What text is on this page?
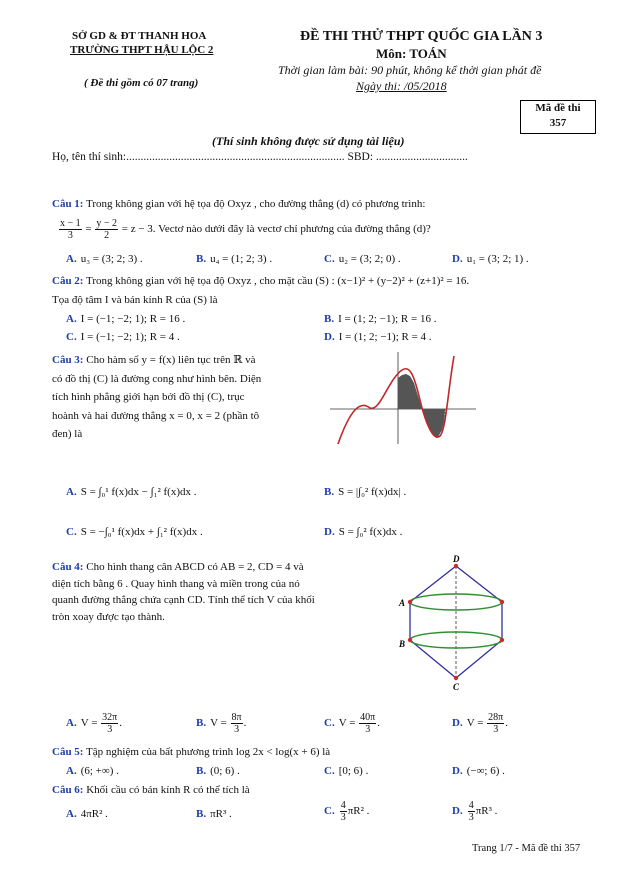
SỞ GD & ĐT THANH HOA
TRƯỜNG THPT HẬU LỘC 2
( Đề thi gồm có 07 trang)
ĐỀ THI THỬ THPT QUỐC GIA LẦN 3
Môn: TOÁN
Thời gian làm bài: 90 phút, không kể thời gian phát đề
Ngày thi: /05/2018
Mã đề thi
357
(Thí sinh không được sử dụng tài liệu)
Họ, tên thí sinh:............................................................................ SBD: ................................
Câu 1: Trong không gian với hệ tọa độ Oxyz , cho đường thẳng (d) có phương trình:
$\frac{x - 1}{3} = \frac{y - 2}{2} = z - 3$. Vectơ nào dưới đây là vectơ chỉ phương của đường thẳng (d)?
A. u₃ = (3; 2; 3) .	B. u₄ = (1; 2; 3) .	C. u₂ = (3; 2; 0) .	D. u₁ = (3; 2; 1) .
Câu 2: Trong không gian với hệ tọa độ Oxyz , cho mặt cầu (S) : (x−1)² + (y−2)² + (z+1)² = 16.
Tọa độ tâm I và bán kính R của (S) là
A. I = (−1; −2; 1); R = 16 .	B. I = (1; 2; −1); R = 16 .
C. I = (−1; −2; 1); R = 4 .	D. I = (1; 2; −1); R = 4 .
Câu 3: Cho hàm số y = f(x) liên tục trên ℝ và
có đồ thị (C) là đường cong như hình bên. Diện
tích hình phẳng giới hạn bởi đồ thị (C), trục
hoành và hai đường thẳng x = 0, x = 2 (phần tô
đen) là
A. S = ∫₀¹ f(x)dx − ∫₁² f(x)dx .	B. S = |∫₀² f(x)dx| .
C. S = −∫₀¹ f(x)dx + ∫₁² f(x)dx .	D. S = ∫₀² f(x)dx .
Câu 4: Cho hình thang cân ABCD có AB = 2, CD = 4 và
diện tích bằng 6 . Quay hình thang và miền trong của nó
quanh đường thẳng chứa cạnh CD. Tính thể tích V của khối
tròn xoay được tạo thành.
D
A
B
C
A. $V = \frac{32\pi}{3}$ .	B. $V = \frac{8\pi}{3}$ .	C. $V = \frac{40\pi}{3}$ .	D. $V = \frac{28\pi}{3}$ .
Câu 5: Tập nghiệm của bất phương trình log 2x < log(x + 6) là
A. (6; +∞) .	B. (0; 6) .	C. [0; 6) .	D. (−∞; 6) .
Câu 6: Khối cầu có bán kính R có thể tích là
A. 4πR² .	B. πR³ .	C. $\frac{4}{3} \pi R^2$ .	D. $\frac{4}{3} \pi R^3$ .
Trang 1/7 - Mã đề thi 357
